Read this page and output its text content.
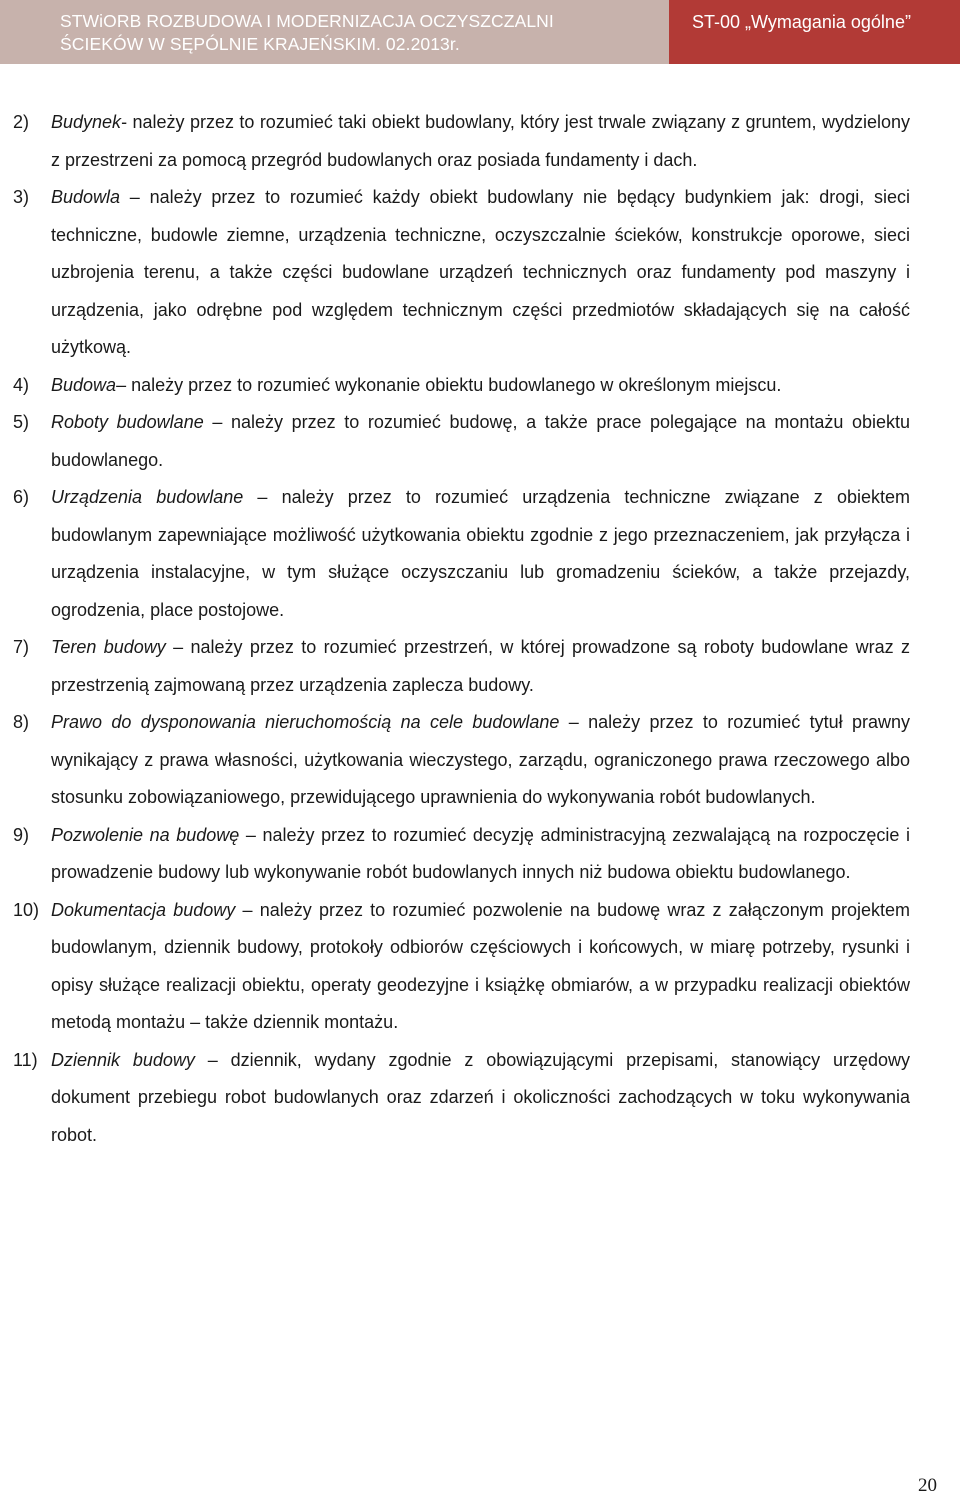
STWiORB ROZBUDOWA I MODERNIZACJA OCZYSZCZALNI
ŚCIEKÓW W SĘPÓLNIE KRAJEŃSKIM. 02.2013r.
ST-00 „Wymagania ogólne”
2) Budynek- należy przez to rozumieć taki obiekt budowlany, który jest trwale związany z gruntem, wydzielony z przestrzeni za pomocą przegród budowlanych oraz posiada fundamenty i dach.
3) Budowla – należy przez to rozumieć każdy obiekt budowlany nie będący budynkiem jak: drogi, sieci techniczne, budowle ziemne, urządzenia techniczne, oczyszczalnie ścieków, konstrukcje oporowe, sieci uzbrojenia terenu, a także części budowlane urządzeń technicznych oraz fundamenty pod maszyny i urządzenia, jako odrębne pod względem technicznym części przedmiotów składających się na całość użytkową.
4) Budowa– należy przez to rozumieć wykonanie obiektu budowlanego w określonym miejscu.
5) Roboty budowlane – należy przez to rozumieć budowę, a także prace polegające na montażu obiektu budowlanego.
6) Urządzenia budowlane – należy przez to rozumieć urządzenia techniczne związane z obiektem budowlanym zapewniające możliwość użytkowania obiektu zgodnie z jego przeznaczeniem, jak przyłącza i urządzenia instalacyjne, w tym służące oczyszczaniu lub gromadzeniu ścieków, a także przejazdy, ogrodzenia, place postojowe.
7) Teren budowy – należy przez to rozumieć przestrzeń, w której prowadzone są roboty budowlane wraz z przestrzenią zajmowaną przez urządzenia zaplecza budowy.
8) Prawo do dysponowania nieruchomością na cele budowlane – należy przez to rozumieć tytuł prawny wynikający z prawa własności, użytkowania wieczystego, zarządu, ograniczonego prawa rzeczowego albo stosunku zobowiązaniowego, przewidującego uprawnienia do wykonywania robót budowlanych.
9) Pozwolenie na budowę – należy przez to rozumieć decyzję administracyjną zezwalającą na rozpoczęcie i prowadzenie budowy lub wykonywanie robót budowlanych innych niż budowa obiektu budowlanego.
10) Dokumentacja budowy – należy przez to rozumieć pozwolenie na budowę wraz z załączonym projektem budowlanym, dziennik budowy, protokoły odbiorów częściowych i końcowych, w miarę potrzeby, rysunki i opisy służące realizacji obiektu, operaty geodezyjne i książkę obmiarów, a w przypadku realizacji obiektów metodą montażu – także dziennik montażu.
11) Dziennik budowy – dziennik, wydany zgodnie z obowiązującymi przepisami, stanowiący urzędowy dokument przebiegu robot budowlanych oraz zdarzeń i okoliczności zachodzących w toku wykonywania robot.
20
